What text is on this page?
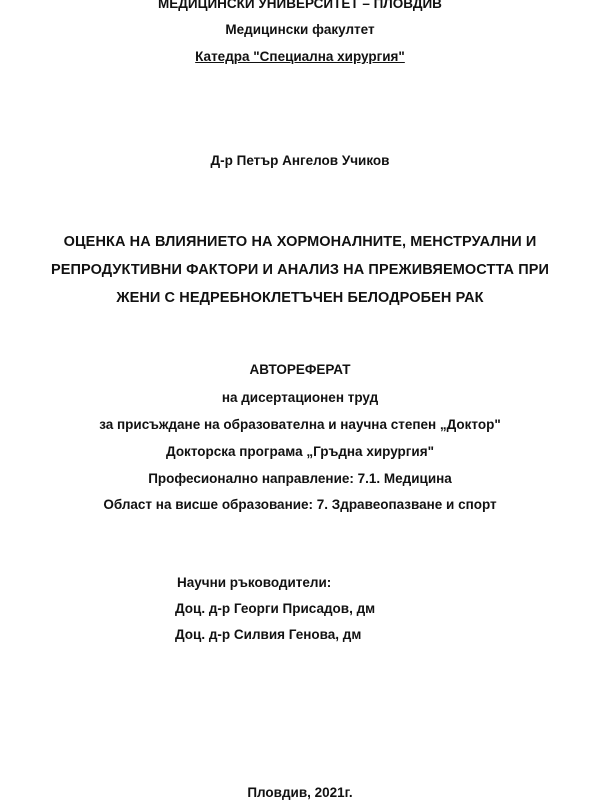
МЕДИЦИНСКИ УНИВЕРСИТЕТ – ПЛОВДИВ
Медицински факултет
Катедра "Специална хирургия"
Д-р Петър Ангелов Учиков
ОЦЕНКА НА ВЛИЯНИЕТО НА ХОРМОНАЛНИТЕ, МЕНСТРУАЛНИ И
РЕПРОДУКТИВНИ ФАКТОРИ И АНАЛИЗ НА ПРЕЖИВЯЕМОСТТА ПРИ
ЖЕНИ С НЕДРЕБНОКЛЕТЪЧЕН БЕЛОДРОБЕН РАК
АВТОРЕФЕРАТ
на дисертационен труд
за присъждане на образователна и научна степен „Доктор"
Докторска програма „Гръдна хирургия"
Професионално направление: 7.1. Медицина
Област на висше образование: 7. Здравеопазване и спорт
Научни ръководители:
Доц. д-р Георги Присадов, дм
Доц. д-р Силвия Генова, дм
Пловдив, 2021г.
